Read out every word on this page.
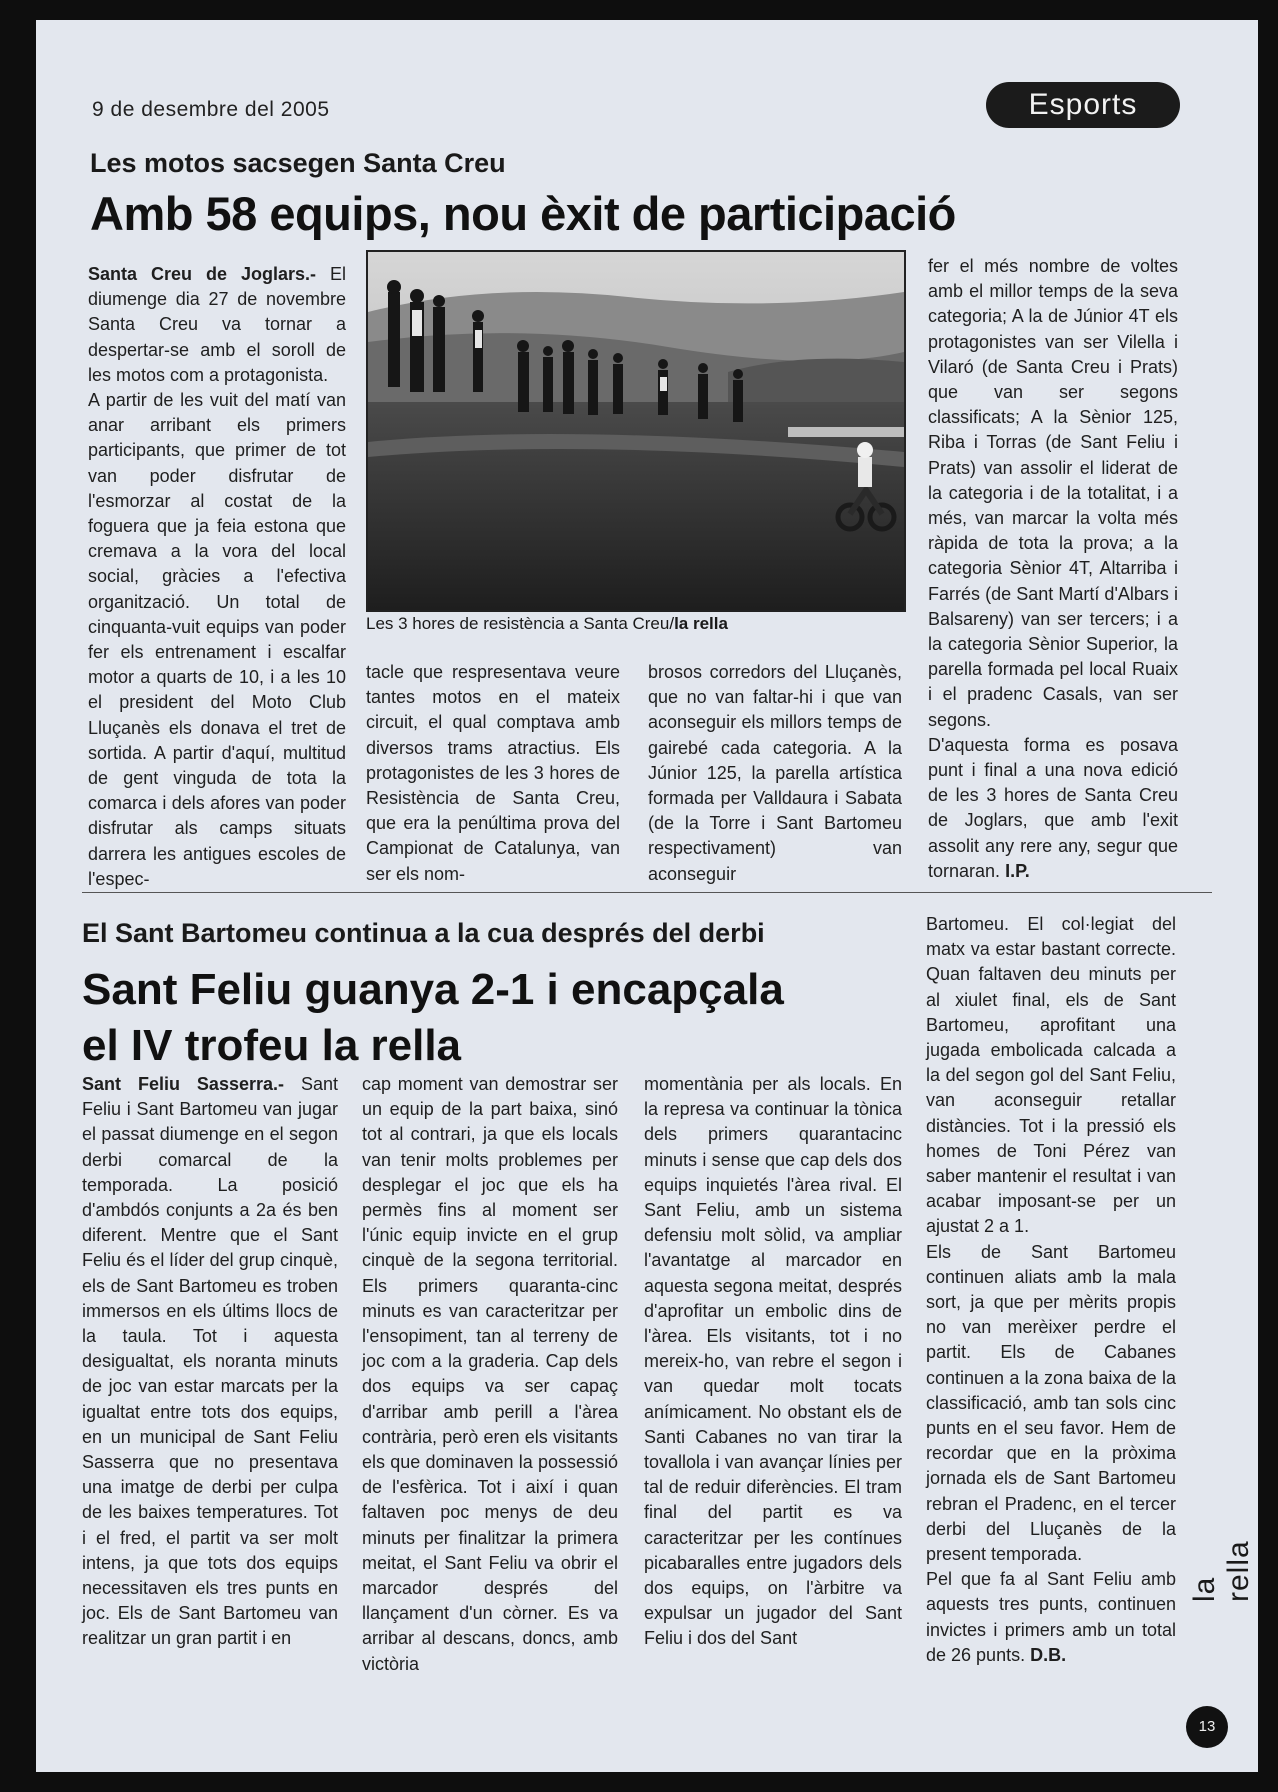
9 de desembre del 2005	Esports
Les motos sacsegen Santa Creu
Amb 58 equips, nou èxit de participació

Santa Creu de Joglars.- El diumenge dia 27 de novembre Santa Creu va tornar a despertar-se amb el soroll de les motos com a protagonista.

A partir de les vuit del matí van anar arribant els primers participants, que primer de tot van poder disfrutar de l'esmorzar al costat de la foguera que ja feia estona que cremava a la vora del local social, gràcies a l'efectiva organització. Un total de cinquanta-vuit equips van poder fer els entrenament i escalfar motor a quarts de 10, i a les 10 el president del Moto Club Lluçanès els donava el tret de sortida. A partir d'aquí, multitud de gent vinguda de tota la comarca i dels afores van poder disfrutar als camps situats darrera les antigues escoles de l'espec-

Les 3 hores de resistència a Santa Creu/la rella
tacle que respresentava veure tantes motos en el mateix circuit, el qual comptava amb diversos trams atractius. Els protagonistes de les 3 hores de Resistència de Santa Creu, que era la penúltima prova del Campionat de Catalunya, van ser els nom-
brosos corredors del Lluçanès, que no van faltar-hi i que van aconseguir els millors temps de gairebé cada categoria. A la Júnior 125, la parella artística formada per Valldaura i Sabata (de la Torre i Sant Bartomeu respectivament) van aconseguir

fer el més nombre de voltes amb el millor temps de la seva categoria; A la de Júnior 4T els protagonistes van ser Vilella i Vilaró (de Santa Creu i Prats) que van ser segons classificats; A la Sènior 125, Riba i Torras (de Sant Feliu i Prats) van assolir el liderat de la categoria i de la totalitat, i a més, van marcar la volta més ràpida de tota la prova; a la categoria Sènior 4T, Altarriba i Farrés (de Sant Martí d'Albars i Balsareny) van ser tercers; i a la categoria Sènior Superior, la parella formada pel local Ruaix i el pradenc Casals, van ser segons.

D'aquesta forma es posava punt i final a una nova edició de les 3 hores de Santa Creu de Joglars, que amb l'exit assolit any rere any, segur que tornaran. I.P.

El Sant Bartomeu continua a la cua després del derbi
Sant Feliu guanya 2-1 i encapçala
el IV trofeu la rella

Sant Feliu Sasserra.- Sant Feliu i Sant Bartomeu van jugar el passat diumenge en el segon derbi comarcal de la temporada. La posició d'ambdós conjunts a 2a és ben diferent. Mentre que el Sant Feliu és el líder del grup cinquè, els de Sant Bartomeu es troben immersos en els últims llocs de la taula. Tot i aquesta desigualtat, els noranta minuts de joc van estar marcats per la igualtat entre tots dos equips, en un municipal de Sant Feliu Sasserra que no presentava una imatge de derbi per culpa de les baixes temperatures. Tot i el fred, el partit va ser molt intens, ja que tots dos equips necessitaven els tres punts en joc. Els de Sant Bartomeu van realitzar un gran partit i en

cap moment van demostrar ser un equip de la part baixa, sinó tot al contrari, ja que els locals van tenir molts problemes per desplegar el joc que els ha permès fins al moment ser l'únic equip invicte en el grup cinquè de la segona territorial. Els primers quaranta-cinc minuts es van caracteritzar per l'ensopiment, tan al terreny de joc com a la graderia. Cap dels dos equips va ser capaç d'arribar amb perill a l'àrea contrària, però eren els visitants els que dominaven la possessió de l'esfèrica. Tot i així i quan faltaven poc menys de deu minuts per finalitzar la primera meitat, el Sant Feliu va obrir el marcador després del llançament d'un còrner. Es va arribar al descans, doncs, amb victòria
momentània per als locals. En la represa va continuar la tònica dels primers quarantacinc minuts i sense que cap dels dos equips inquietés l'àrea rival. El Sant Feliu, amb un sistema defensiu molt sòlid, va ampliar l'avantatge al marcador en aquesta segona meitat, després d'aprofitar un embolic dins de l'àrea. Els visitants, tot i no mereix-ho, van rebre el segon i van quedar molt tocats anímicament. No obstant els de Santi Cabanes no van tirar la tovallola i van avançar línies per tal de reduir diferències. El tram final del partit es va caracteritzar per les contínues picabaralles entre jugadors dels dos equips, on l'àrbitre va expulsar un jugador del Sant Feliu i dos del Sant

Bartomeu. El col·legiat del matx va estar bastant correcte. Quan faltaven deu minuts per al xiulet final, els de Sant Bartomeu, aprofitant una jugada embolicada calcada a la del segon gol del Sant Feliu, van aconseguir retallar distàncies. Tot i la pressió els homes de Toni Pérez van saber mantenir el resultat i van acabar imposant-se per un ajustat 2 a 1.

Els de Sant Bartomeu continuen aliats amb la mala sort, ja que per mèrits propis no van merèixer perdre el partit. Els de Cabanes continuen a la zona baixa de la classificació, amb tan sols cinc punts en el seu favor. Hem de recordar que en la pròxima jornada els de Sant Bartomeu rebran el Pradenc, en el tercer derbi del Lluçanès de la present temporada.

Pel que fa al Sant Feliu amb aquests tres punts, continuen invictes i primers amb un total de 26 punts. D.B.

la rella
13
